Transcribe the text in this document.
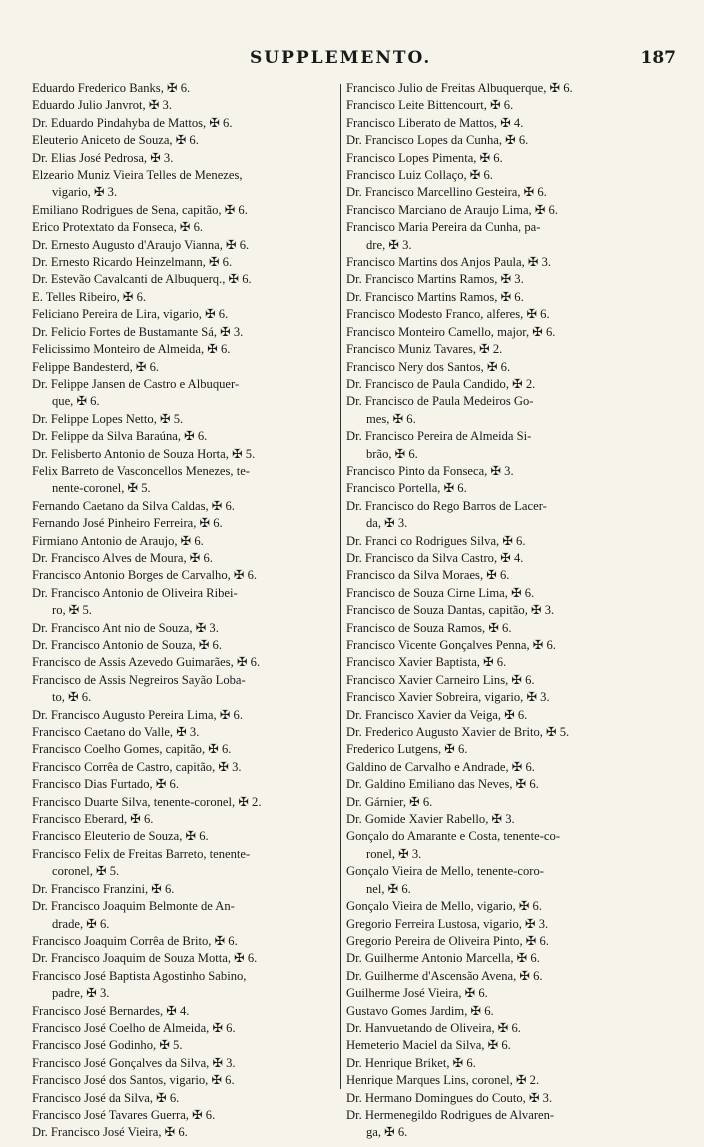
SUPPLEMENTO.	187
Eduardo Frederico Banks, ✠ 6.
Eduardo Julio Janvrot, ✠ 3.
Dr. Eduardo Pindahyba de Mattos, ✠ 6.
Eleuterio Aniceto de Souza, ✠ 6.
Dr. Elias José Pedrosa, ✠ 3.
Elzeario Muniz Vieira Telles de Menezes,
vigario, ✠ 3.
Emiliano Rodrigues de Sena, capitão, ✠ 6.
Erico Protextato da Fonseca, ✠ 6.
Dr. Ernesto Augusto d'Araujo Vianna, ✠ 6.
Dr. Ernesto Ricardo Heinzelmann, ✠ 6.
Dr. Estevão Cavalcanti de Albuquerq., ✠ 6.
E. Telles Ribeiro, ✠ 6.
Feliciano Pereira de Lira, vigario, ✠ 6.
Dr. Felicio Fortes de Bustamante Sá, ✠ 3.
Felicissimo Monteiro de Almeida, ✠ 6.
Felippe Bandesterd, ✠ 6.
Dr. Felippe Jansen de Castro e Albuquer-
que, ✠ 6.
Dr. Felippe Lopes Netto, ✠ 5.
Dr. Felippe da Silva Baraúna, ✠ 6.
Dr. Felisberto Antonio de Souza Horta, ✠ 5.
Felix Barreto de Vasconcellos Menezes, te-
nente-coronel, ✠ 5.
Fernando Caetano da Silva Caldas, ✠ 6.
Fernando José Pinheiro Ferreira, ✠ 6.
Firmiano Antonio de Araujo, ✠ 6.
Dr. Francisco Alves de Moura, ✠ 6.
Francisco Antonio Borges de Carvalho, ✠ 6.
Dr. Francisco Antonio de Oliveira Ribei-
ro, ✠ 5.
Dr. Francisco Ant nio de Souza, ✠ 3.
Dr. Francisco Antonio de Souza, ✠ 6.
Francisco de Assis Azevedo Guimarães, ✠ 6.
Francisco de Assis Negreiros Sayão Loba-
to, ✠ 6.
Dr. Francisco Augusto Pereira Lima, ✠ 6.
Francisco Caetano do Valle, ✠ 3.
Francisco Coelho Gomes, capitão, ✠ 6.
Francisco Corrêa de Castro, capitão, ✠ 3.
Francisco Dias Furtado, ✠ 6.
Francisco Duarte Silva, tenente-coronel, ✠ 2.
Francisco Eberard, ✠ 6.
Francisco Eleuterio de Souza, ✠ 6.
Francisco Felix de Freitas Barreto, tenente-
coronel, ✠ 5.
Dr. Francisco Franzini, ✠ 6.
Dr. Francisco Joaquim Belmonte de An-
drade, ✠ 6.
Francisco Joaquim Corrêa de Brito, ✠ 6.
Dr. Francisco Joaquim de Souza Motta, ✠ 6.
Francisco José Baptista Agostinho Sabino,
padre, ✠ 3.
Francisco José Bernardes, ✠ 4.
Francisco José Coelho de Almeida, ✠ 6.
Francisco José Godinho, ✠ 5.
Francisco José Gonçalves da Silva, ✠ 3.
Francisco José dos Santos, vigario, ✠ 6.
Francisco José da Silva, ✠ 6.
Francisco José Tavares Guerra, ✠ 6.
Dr. Francisco José Vieira, ✠ 6.
Francisco Julio de Freitas Albuquerque, ✠ 6.
Francisco Leite Bittencourt, ✠ 6.
Francisco Liberato de Mattos, ✠ 4.
Dr. Francisco Lopes da Cunha, ✠ 6.
Francisco Lopes Pimenta, ✠ 6.
Francisco Luiz Collaço, ✠ 6.
Dr. Francisco Marcellino Gesteira, ✠ 6.
Francisco Marciano de Araujo Lima, ✠ 6.
Francisco Maria Pereira da Cunha, pa-
dre, ✠ 3.
Francisco Martins dos Anjos Paula, ✠ 3.
Dr. Francisco Martins Ramos, ✠ 3.
Dr. Francisco Martins Ramos, ✠ 6.
Francisco Modesto Franco, alferes, ✠ 6.
Francisco Monteiro Camello, major, ✠ 6.
Francisco Muniz Tavares, ✠ 2.
Francisco Nery dos Santos, ✠ 6.
Dr. Francisco de Paula Candido, ✠ 2.
Dr. Francisco de Paula Medeiros Go-
mes, ✠ 6.
Dr. Francisco Pereira de Almeida Si-
brão, ✠ 6.
Francisco Pinto da Fonseca, ✠ 3.
Francisco Portella, ✠ 6.
Dr. Francisco do Rego Barros de Lacer-
da, ✠ 3.
Dr. Franci co Rodrigues Silva, ✠ 6.
Dr. Francisco da Silva Castro, ✠ 4.
Francisco da Silva Moraes, ✠ 6.
Francisco de Souza Cirne Lima, ✠ 6.
Francisco de Souza Dantas, capitão, ✠ 3.
Francisco de Souza Ramos, ✠ 6.
Francisco Vicente Gonçalves Penna, ✠ 6.
Francisco Xavier Baptista, ✠ 6.
Francisco Xavier Carneiro Lins, ✠ 6.
Francisco Xavier Sobreira, vigario, ✠ 3.
Dr. Francisco Xavier da Veiga, ✠ 6.
Dr. Frederico Augusto Xavier de Brito, ✠ 5.
Frederico Lutgens, ✠ 6.
Galdino de Carvalho e Andrade, ✠ 6.
Dr. Galdino Emiliano das Neves, ✠ 6.
Dr. Gárnier, ✠ 6.
Dr. Gomide Xavier Rabello, ✠ 3.
Gonçalo do Amarante e Costa, tenente-co-
ronel, ✠ 3.
Gonçalo Vieira de Mello, tenente-coro-
nel, ✠ 6.
Gonçalo Vieira de Mello, vigario, ✠ 6.
Gregorio Ferreira Lustosa, vigario, ✠ 3.
Gregorio Pereira de Oliveira Pinto, ✠ 6.
Dr. Guilherme Antonio Marcella, ✠ 6.
Dr. Guilherme d'Ascensão Avena, ✠ 6.
Guilherme José Vieira, ✠ 6.
Gustavo Gomes Jardim, ✠ 6.
Dr. Hanvuetando de Oliveira, ✠ 6.
Hemeterio Maciel da Silva, ✠ 6.
Dr. Henrique Briket, ✠ 6.
Henrique Marques Lins, coronel, ✠ 2.
Dr. Hermano Domingues do Couto, ✠ 3.
Dr. Hermenegildo Rodrigues de Alvaren-
ga, ✠ 6.
